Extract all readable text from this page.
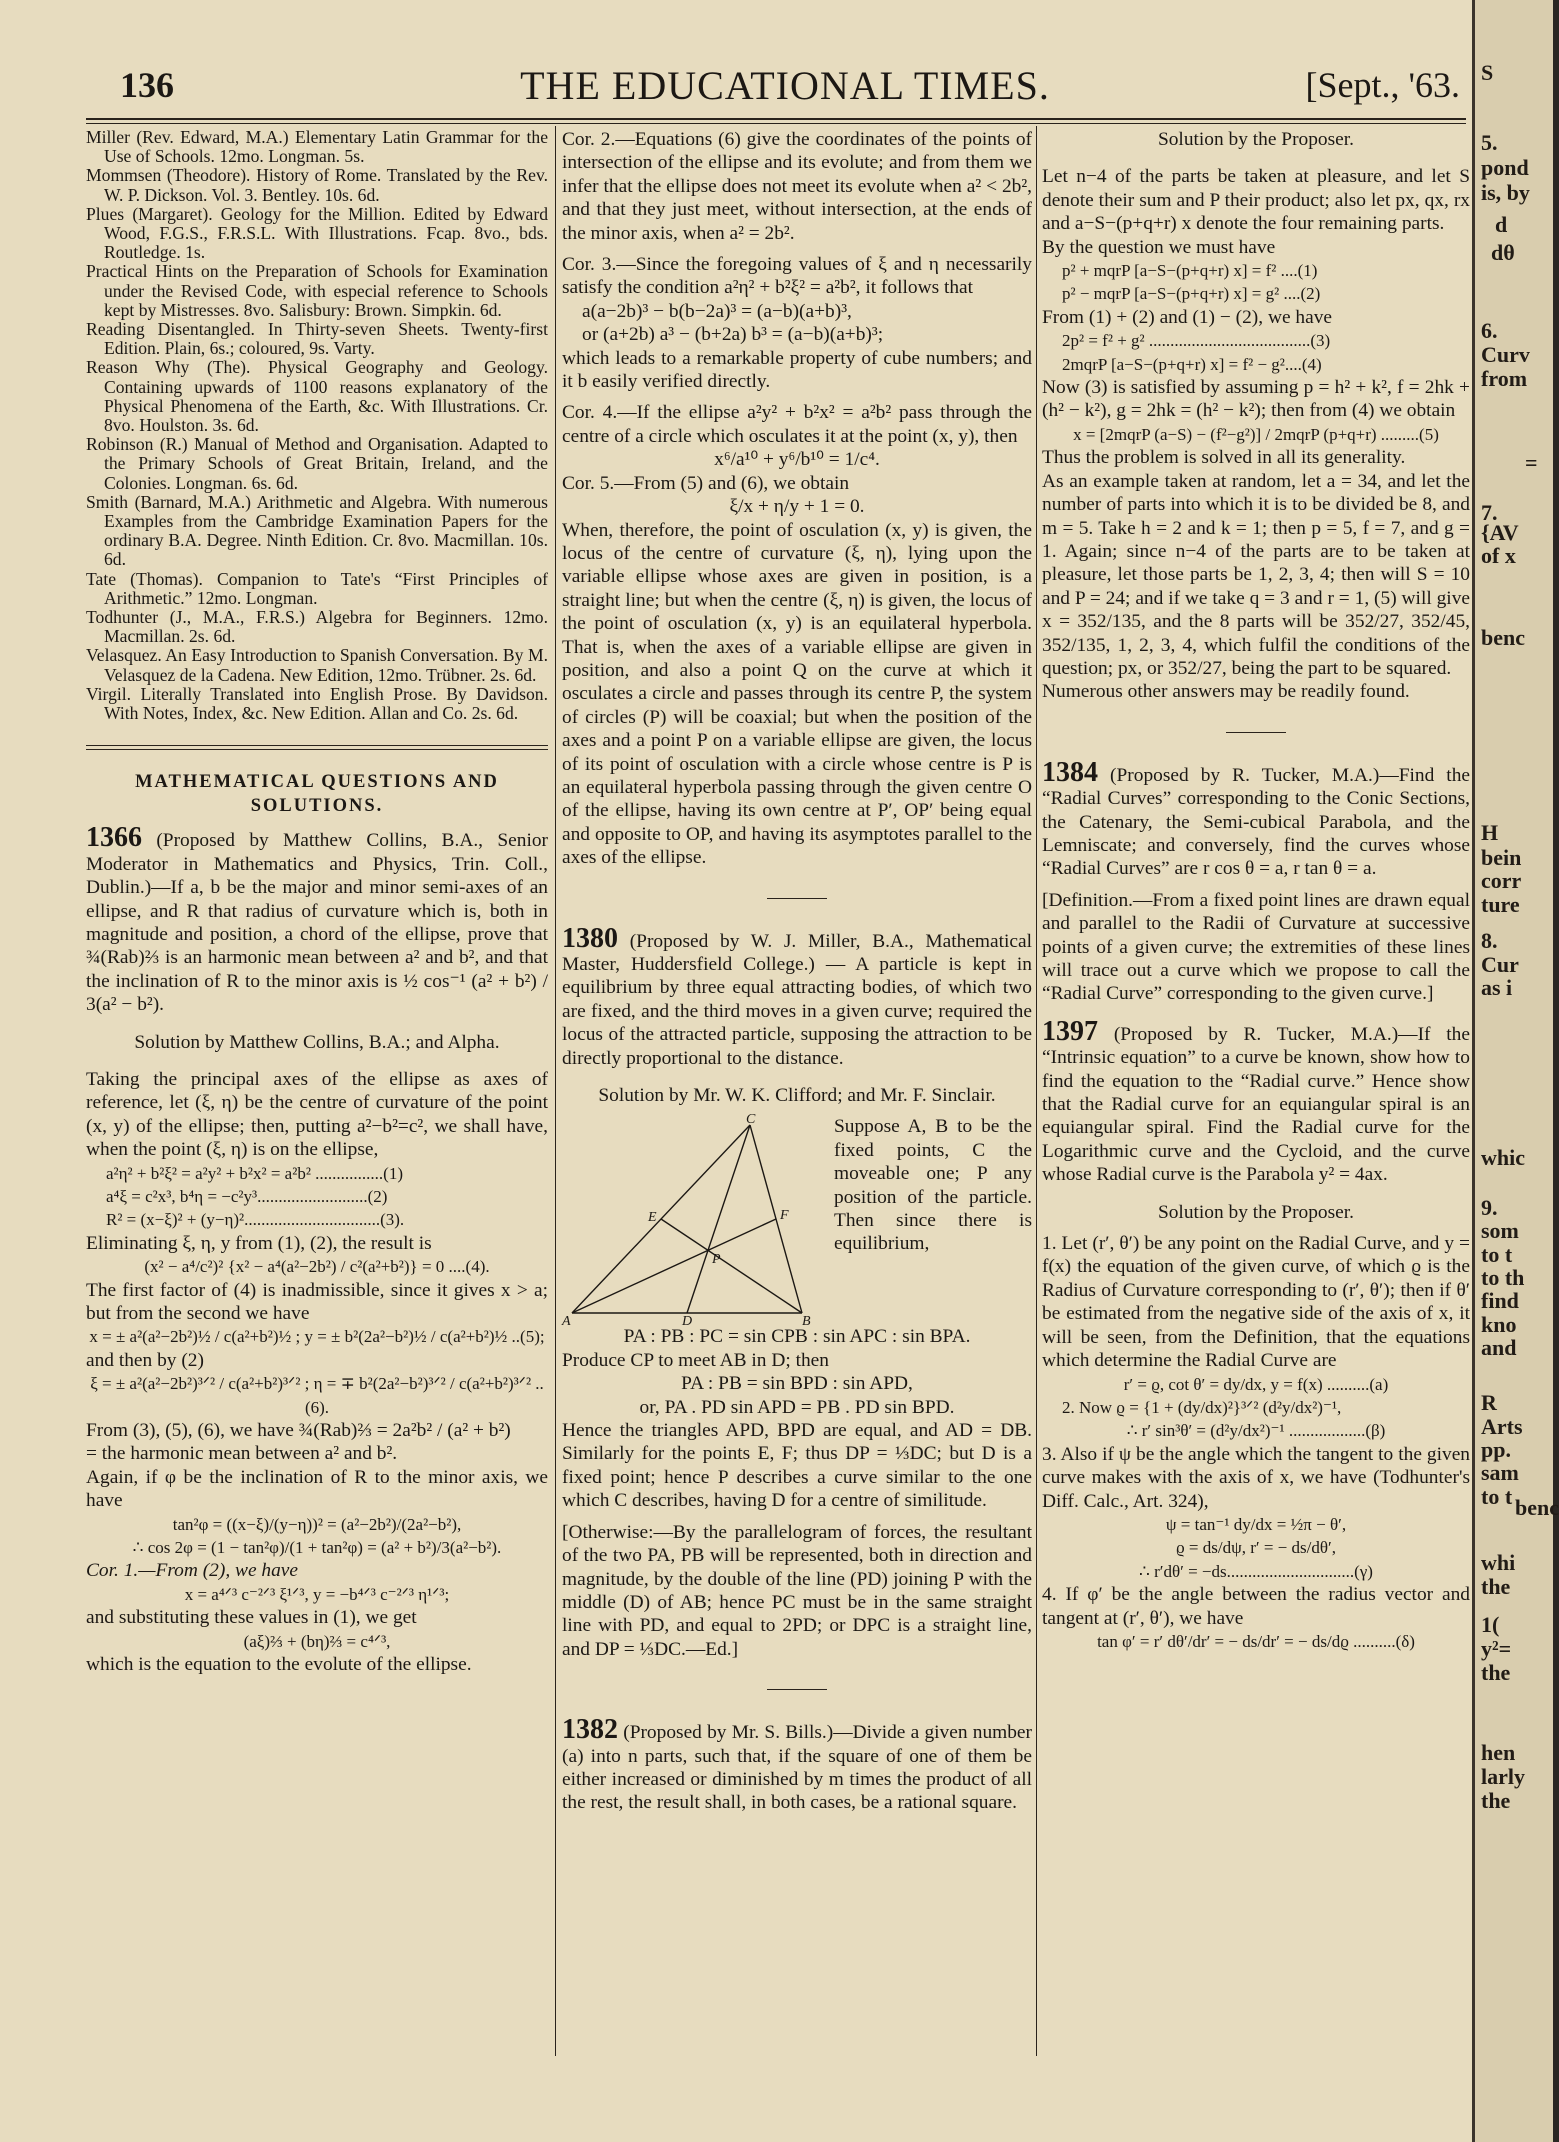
136	THE EDUCATIONAL TIMES.	[Sept., '63.

Miller (Rev. Edward, M.A.) Elementary Latin Grammar for the Use of Schools. 12mo. Longman. 5s.

Mommsen (Theodore). History of Rome. Translated by the Rev. W. P. Dickson. Vol. 3. Bentley. 10s. 6d.

Plues (Margaret). Geology for the Million. Edited by Edward Wood, F.G.S., F.R.S.L. With Illustrations. Fcap. 8vo., bds. Routledge. 1s.

Practical Hints on the Preparation of Schools for Examination under the Revised Code, with especial reference to Schools kept by Mistresses. 8vo. Salisbury: Brown. Simpkin. 6d.

Reading Disentangled. In Thirty-seven Sheets. Twenty-first Edition. Plain, 6s.; coloured, 9s. Varty.

Reason Why (The). Physical Geography and Geology. Containing upwards of 1100 reasons explanatory of the Physical Phenomena of the Earth, &c. With Illustrations. Cr. 8vo. Houlston. 3s. 6d.

Robinson (R.) Manual of Method and Organisation. Adapted to the Primary Schools of Great Britain, Ireland, and the Colonies. Longman. 6s. 6d.

Smith (Barnard, M.A.) Arithmetic and Algebra. With numerous Examples from the Cambridge Examination Papers for the ordinary B.A. Degree. Ninth Edition. Cr. 8vo. Macmillan. 10s. 6d.

Tate (Thomas). Companion to Tate's “First Principles of Arithmetic.” 12mo. Longman.

Todhunter (J., M.A., F.R.S.) Algebra for Beginners. 12mo. Macmillan. 2s. 6d.

Velasquez. An Easy Introduction to Spanish Conversation. By M. Velasquez de la Cadena. New Edition, 12mo. Trübner. 2s. 6d.

Virgil. Literally Translated into English Prose. By Davidson. With Notes, Index, &c. New Edition. Allan and Co. 2s. 6d.

MATHEMATICAL QUESTIONS AND SOLUTIONS.

1366 (Proposed by Matthew Collins, B.A., Senior Moderator in Mathematics and Physics, Trin. Coll., Dublin.)—If a, b be the major and minor semi-axes of an ellipse, and R that radius of curvature which is, both in magnitude and position, a chord of the ellipse, prove that ¾(Rab)⅔ is an harmonic mean between a² and b², and that the inclination of R to the minor axis is ½ cos⁻¹ (a² + b²) / 3(a² − b²).

Solution by Matthew Collins, B.A.; and Alpha.

Taking the principal axes of the ellipse as axes of reference, let (ξ, η) be the centre of curvature of the point (x, y) of the ellipse; then, putting a²−b²=c², we shall have, when the point (ξ, η) is on the ellipse,

a²η² + b²ξ² = a²y² + b²x² = a²b² ................(1)

a⁴ξ = c²x³, b⁴η = −c²y³..........................(2)

R² = (x−ξ)² + (y−η)²................................(3).

Eliminating ξ, η, y from (1), (2), the result is

(x² − a⁴/c²)² {x² − a⁴(a²−2b²) / c²(a²+b²)} = 0 ....(4).

The first factor of (4) is inadmissible, since it gives x > a; but from the second we have

x = ± a²(a²−2b²)½ / c(a²+b²)½ ; y = ± b²(2a²−b²)½ / c(a²+b²)½ ..(5);

and then by (2)

ξ = ± a²(a²−2b²)³ᐟ² / c(a²+b²)³ᐟ² ; η = ∓ b²(2a²−b²)³ᐟ² / c(a²+b²)³ᐟ² ..(6).

From (3), (5), (6), we have ¾(Rab)⅔ = 2a²b² / (a² + b²)

= the harmonic mean between a² and b².

Again, if φ be the inclination of R to the minor axis, we have

tan²φ = ((x−ξ)/(y−η))² = (a²−2b²)/(2a²−b²),

∴ cos 2φ = (1 − tan²φ)/(1 + tan²φ) = (a² + b²)/3(a²−b²).

Cor. 1.—From (2), we have

x = a⁴ᐟ³ c⁻²ᐟ³ ξ¹ᐟ³, y = −b⁴ᐟ³ c⁻²ᐟ³ η¹ᐟ³;

and substituting these values in (1), we get

(aξ)⅔ + (bη)⅔ = c⁴ᐟ³,

which is the equation to the evolute of the ellipse.

Cor. 2.—Equations (6) give the coordinates of the points of intersection of the ellipse and its evolute; and from them we infer that the ellipse does not meet its evolute when a² < 2b², and that they just meet, without intersection, at the ends of the minor axis, when a² = 2b².

Cor. 3.—Since the foregoing values of ξ and η necessarily satisfy the condition a²η² + b²ξ² = a²b², it follows that

a(a−2b)³ − b(b−2a)³ = (a−b)(a+b)³,

or (a+2b) a³ − (b+2a) b³ = (a−b)(a+b)³;

which leads to a remarkable property of cube numbers; and it b easily verified directly.

Cor. 4.—If the ellipse a²y² + b²x² = a²b² pass through the centre of a circle which osculates it at the point (x, y), then

x⁶/a¹⁰ + y⁶/b¹⁰ = 1/c⁴.

Cor. 5.—From (5) and (6), we obtain

ξ/x + η/y + 1 = 0.

When, therefore, the point of osculation (x, y) is given, the locus of the centre of curvature (ξ, η), lying upon the variable ellipse whose axes are given in position, is a straight line; but when the centre (ξ, η) is given, the locus of the point of osculation (x, y) is an equilateral hyperbola. That is, when the axes of a variable ellipse are given in position, and also a point Q on the curve at which it osculates a circle and passes through its centre P, the system of circles (P) will be coaxial; but when the position of the axes and a point P on a variable ellipse are given, the locus of its point of osculation with a circle whose centre is P is an equilateral hyperbola passing through the given centre O of the ellipse, having its own centre at P′, OP′ being equal and opposite to OP, and having its asymptotes parallel to the axes of the ellipse.

1380 (Proposed by W. J. Miller, B.A., Mathematical Master, Huddersfield College.) — A particle is kept in equilibrium by three equal attracting bodies, of which two are fixed, and the third moves in a given curve; required the locus of the attracted particle, supposing the attraction to be directly proportional to the distance.

Solution by Mr. W. K. Clifford; and Mr. F. Sinclair.

C
E	F
P
A	D	B

Suppose A, B to be the fixed points, C the moveable one; P any position of the particle. Then since there is equilibrium,

PA : PB : PC = sin CPB : sin APC : sin BPA.

Produce CP to meet AB in D; then

PA : PB = sin BPD : sin APD,

or, PA . PD sin APD = PB . PD sin BPD.

Hence the triangles APD, BPD are equal, and AD = DB. Similarly for the points E, F; thus DP = ⅓DC; but D is a fixed point; hence P describes a curve similar to the one which C describes, having D for a centre of similitude.

[Otherwise:—By the parallelogram of forces, the resultant of the two PA, PB will be represented, both in direction and magnitude, by the double of the line (PD) joining P with the middle (D) of AB; hence PC must be in the same straight line with PD, and equal to 2PD; or DPC is a straight line, and DP = ⅓DC.—Ed.]

1382 (Proposed by Mr. S. Bills.)—Divide a given number (a) into n parts, such that, if the square of one of them be either increased or diminished by m times the product of all the rest, the result shall, in both cases, be a rational square.

Solution by the Proposer.

Let n−4 of the parts be taken at pleasure, and let S denote their sum and P their product; also let px, qx, rx and a−S−(p+q+r) x denote the four remaining parts.

By the question we must have

p² + mqrP [a−S−(p+q+r) x] = f² ....(1)

p² − mqrP [a−S−(p+q+r) x] = g² ....(2)

From (1) + (2) and (1) − (2), we have

2p² = f² + g² ......................................(3)

2mqrP [a−S−(p+q+r) x] = f² − g²....(4)

Now (3) is satisfied by assuming p = h² + k², f = 2hk + (h² − k²), g = 2hk = (h² − k²); then from (4) we obtain

x = [2mqrP (a−S) − (f²−g²)] / 2mqrP (p+q+r) .........(5)

Thus the problem is solved in all its generality.

As an example taken at random, let a = 34, and let the number of parts into which it is to be divided be 8, and m = 5. Take h = 2 and k = 1; then p = 5, f = 7, and g = 1. Again; since n−4 of the parts are to be taken at pleasure, let those parts be 1, 2, 3, 4; then will S = 10 and P = 24; and if we take q = 3 and r = 1, (5) will give x = 352/135, and the 8 parts will be 352/27, 352/45, 352/135, 1, 2, 3, 4, which fulfil the conditions of the question; px, or 352/27, being the part to be squared.

Numerous other answers may be readily found.

1384 (Proposed by R. Tucker, M.A.)—Find the “Radial Curves” corresponding to the Conic Sections, the Catenary, the Semi-cubical Parabola, and the Lemniscate; and conversely, find the curves whose “Radial Curves” are r cos θ = a, r tan θ = a.

[Definition.—From a fixed point lines are drawn equal and parallel to the Radii of Curvature at successive points of a given curve; the extremities of these lines will trace out a curve which we propose to call the “Radial Curve” corresponding to the given curve.]

1397 (Proposed by R. Tucker, M.A.)—If the “Intrinsic equation” to a curve be known, show how to find the equation to the “Radial curve.” Hence show that the Radial curve for an equiangular spiral is an equiangular spiral. Find the Radial curve for the Logarithmic curve and the Cycloid, and the curve whose Radial curve is the Parabola y² = 4ax.

Solution by the Proposer.

1. Let (r′, θ′) be any point on the Radial Curve, and y = f(x) the equation of the given curve, of which ϱ is the Radius of Curvature corresponding to (r′, θ′); then if θ′ be estimated from the negative side of the axis of x, it will be seen, from the Definition, that the equations which determine the Radial Curve are

r′ = ϱ, cot θ′ = dy/dx, y = f(x) ..........(a)

2. Now ϱ = {1 + (dy/dx)²}³ᐟ² (d²y/dx²)⁻¹,

∴ r′ sin³θ′ = (d²y/dx²)⁻¹ ..................(β)

3. Also if ψ be the angle which the tangent to the given curve makes with the axis of x, we have (Todhunter's Diff. Calc., Art. 324),

ψ = tan⁻¹ dy/dx = ½π − θ′,

ϱ = ds/dψ, r′ = − ds/dθ′,

∴ r′dθ′ = −ds..............................(γ)

4. If φ′ be the angle between the radius vector and tangent at (r′, θ′), we have

tan φ′ = r′ dθ′/dr′ = − ds/dr′ = − ds/dϱ ..........(δ)

S
5.
pond
is, by
d
dθ
6.
Curv
from
=
7.
{AV
of x
benc
H
bein
corr
ture
8.
Cur
as i
whic
9.
som
to t
to th
find
kno
and
R
Arts
pp.
sam
to t benc
whi
the
1(
y²=
the
hen
larly
the
